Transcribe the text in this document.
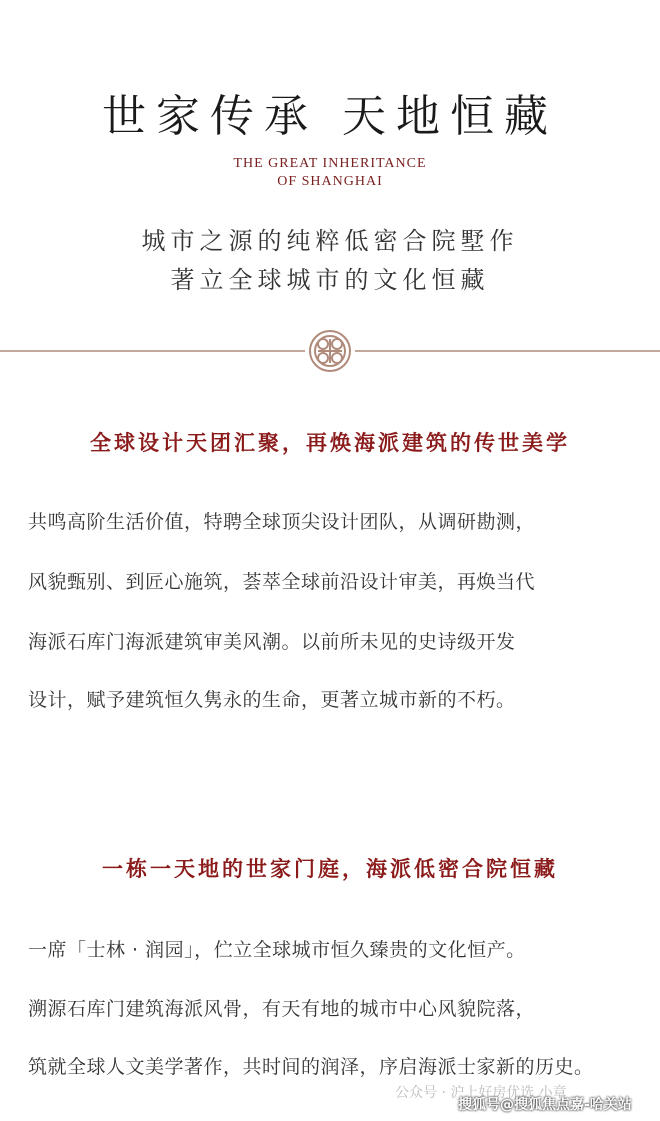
世家传承 天地恒藏
THE GREAT INHERITANCE
OF SHANGHAI
城市之源的纯粹低密合院墅作
著立全球城市的文化恒藏
全球设计天团汇聚，再焕海派建筑的传世美学
共鸣高阶生活价值，特聘全球顶尖设计团队，从调研勘测，
风貌甄别、到匠心施筑，荟萃全球前沿设计审美，再焕当代
海派石库门海派建筑审美风潮。以前所未见的史诗级开发
设计，赋予建筑恒久隽永的生命，更著立城市新的不朽。
一栋一天地的世家门庭，海派低密合院恒藏
一席「士林 · 润园」，伫立全球城市恒久臻贵的文化恒产。
溯源石库门建筑海派风骨，有天有地的城市中心风貌院落，
筑就全球人文美学著作，共时间的润泽，序启海派士家新的历史。
公众号 · 沪上好房优选 小章
搜狐号@搜狐焦点嘉-哈关站
